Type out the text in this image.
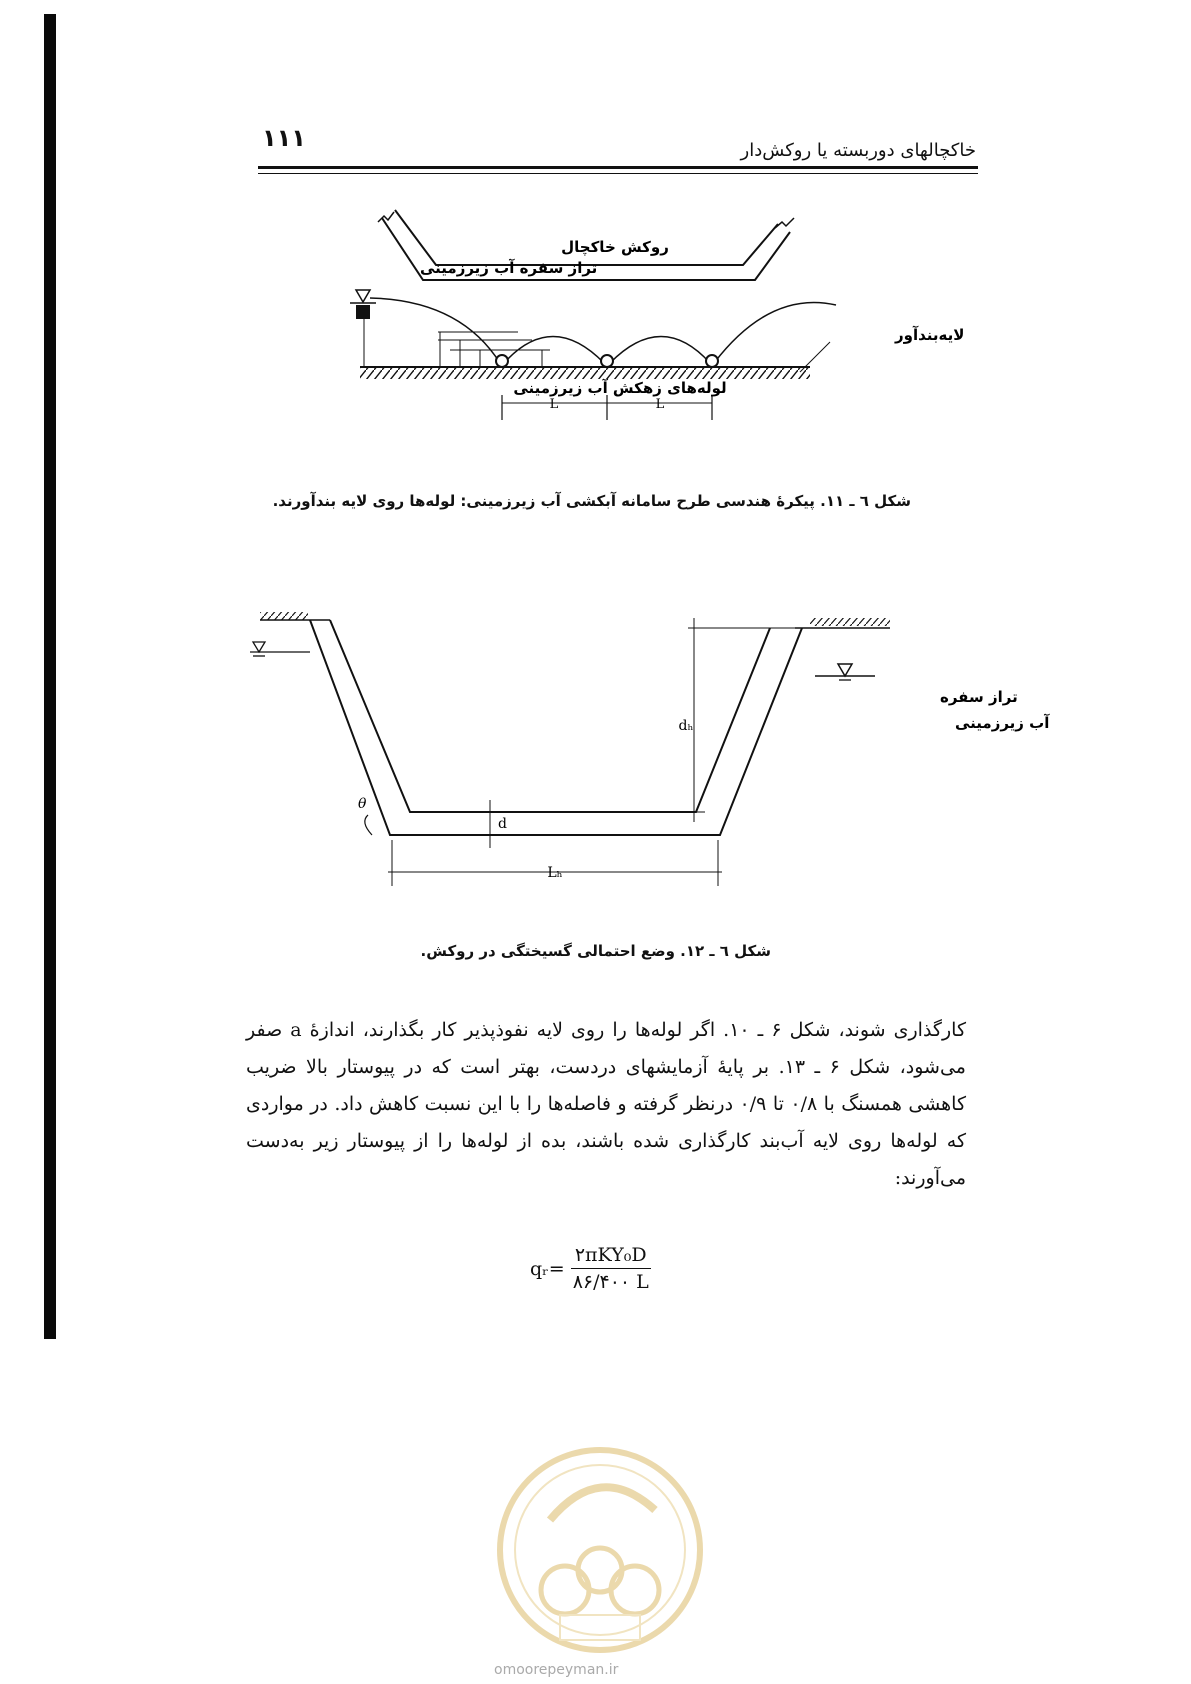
۱۱۱	خاکچالهای دوربسته یا روکش‌دار
L	L
روکش خاکچال
تراز سفره آب زیرزمینی
لایه‌بندآور
لوله‌های زهکش آب زیرزمینی
شکل ٦ ـ ١١. پیکرهٔ هندسی طرح سامانه آبکشی آب زیرزمینی: لوله‌ها روی لایه بندآورند.
dₕ
d
θ
Lₕ
تراز سفره
آب زیرزمینی
شکل ٦ ـ ١٢. وضع احتمالی گسیختگی در روکش.

کارگذاری شوند، شکل ۶ ـ ۱۰. اگر لوله‌ها را روی لایه نفوذپذیر کار بگذارند، اندازهٔ a صفر می‌شود، شکل ۶ ـ ۱۳. بر پایهٔ آزمایشهای دردست، بهتر است که در پیوستار بالا ضریب کاهشی همسنگ با ۰/۸ تا ۰/۹ درنظر گرفته و فاصله‌ها را با این نسبت کاهش داد. در مواردی که لوله‌ها روی لایه آب‌بند کارگذاری شده باشند، بده از لوله‌ها را از پیوستار زیر به‌دست می‌آورند:

qᵣ= $\frac{\text{۲πKY₀D}}{۸۶/۴۰۰ L}$
omoorepeyman.ir
